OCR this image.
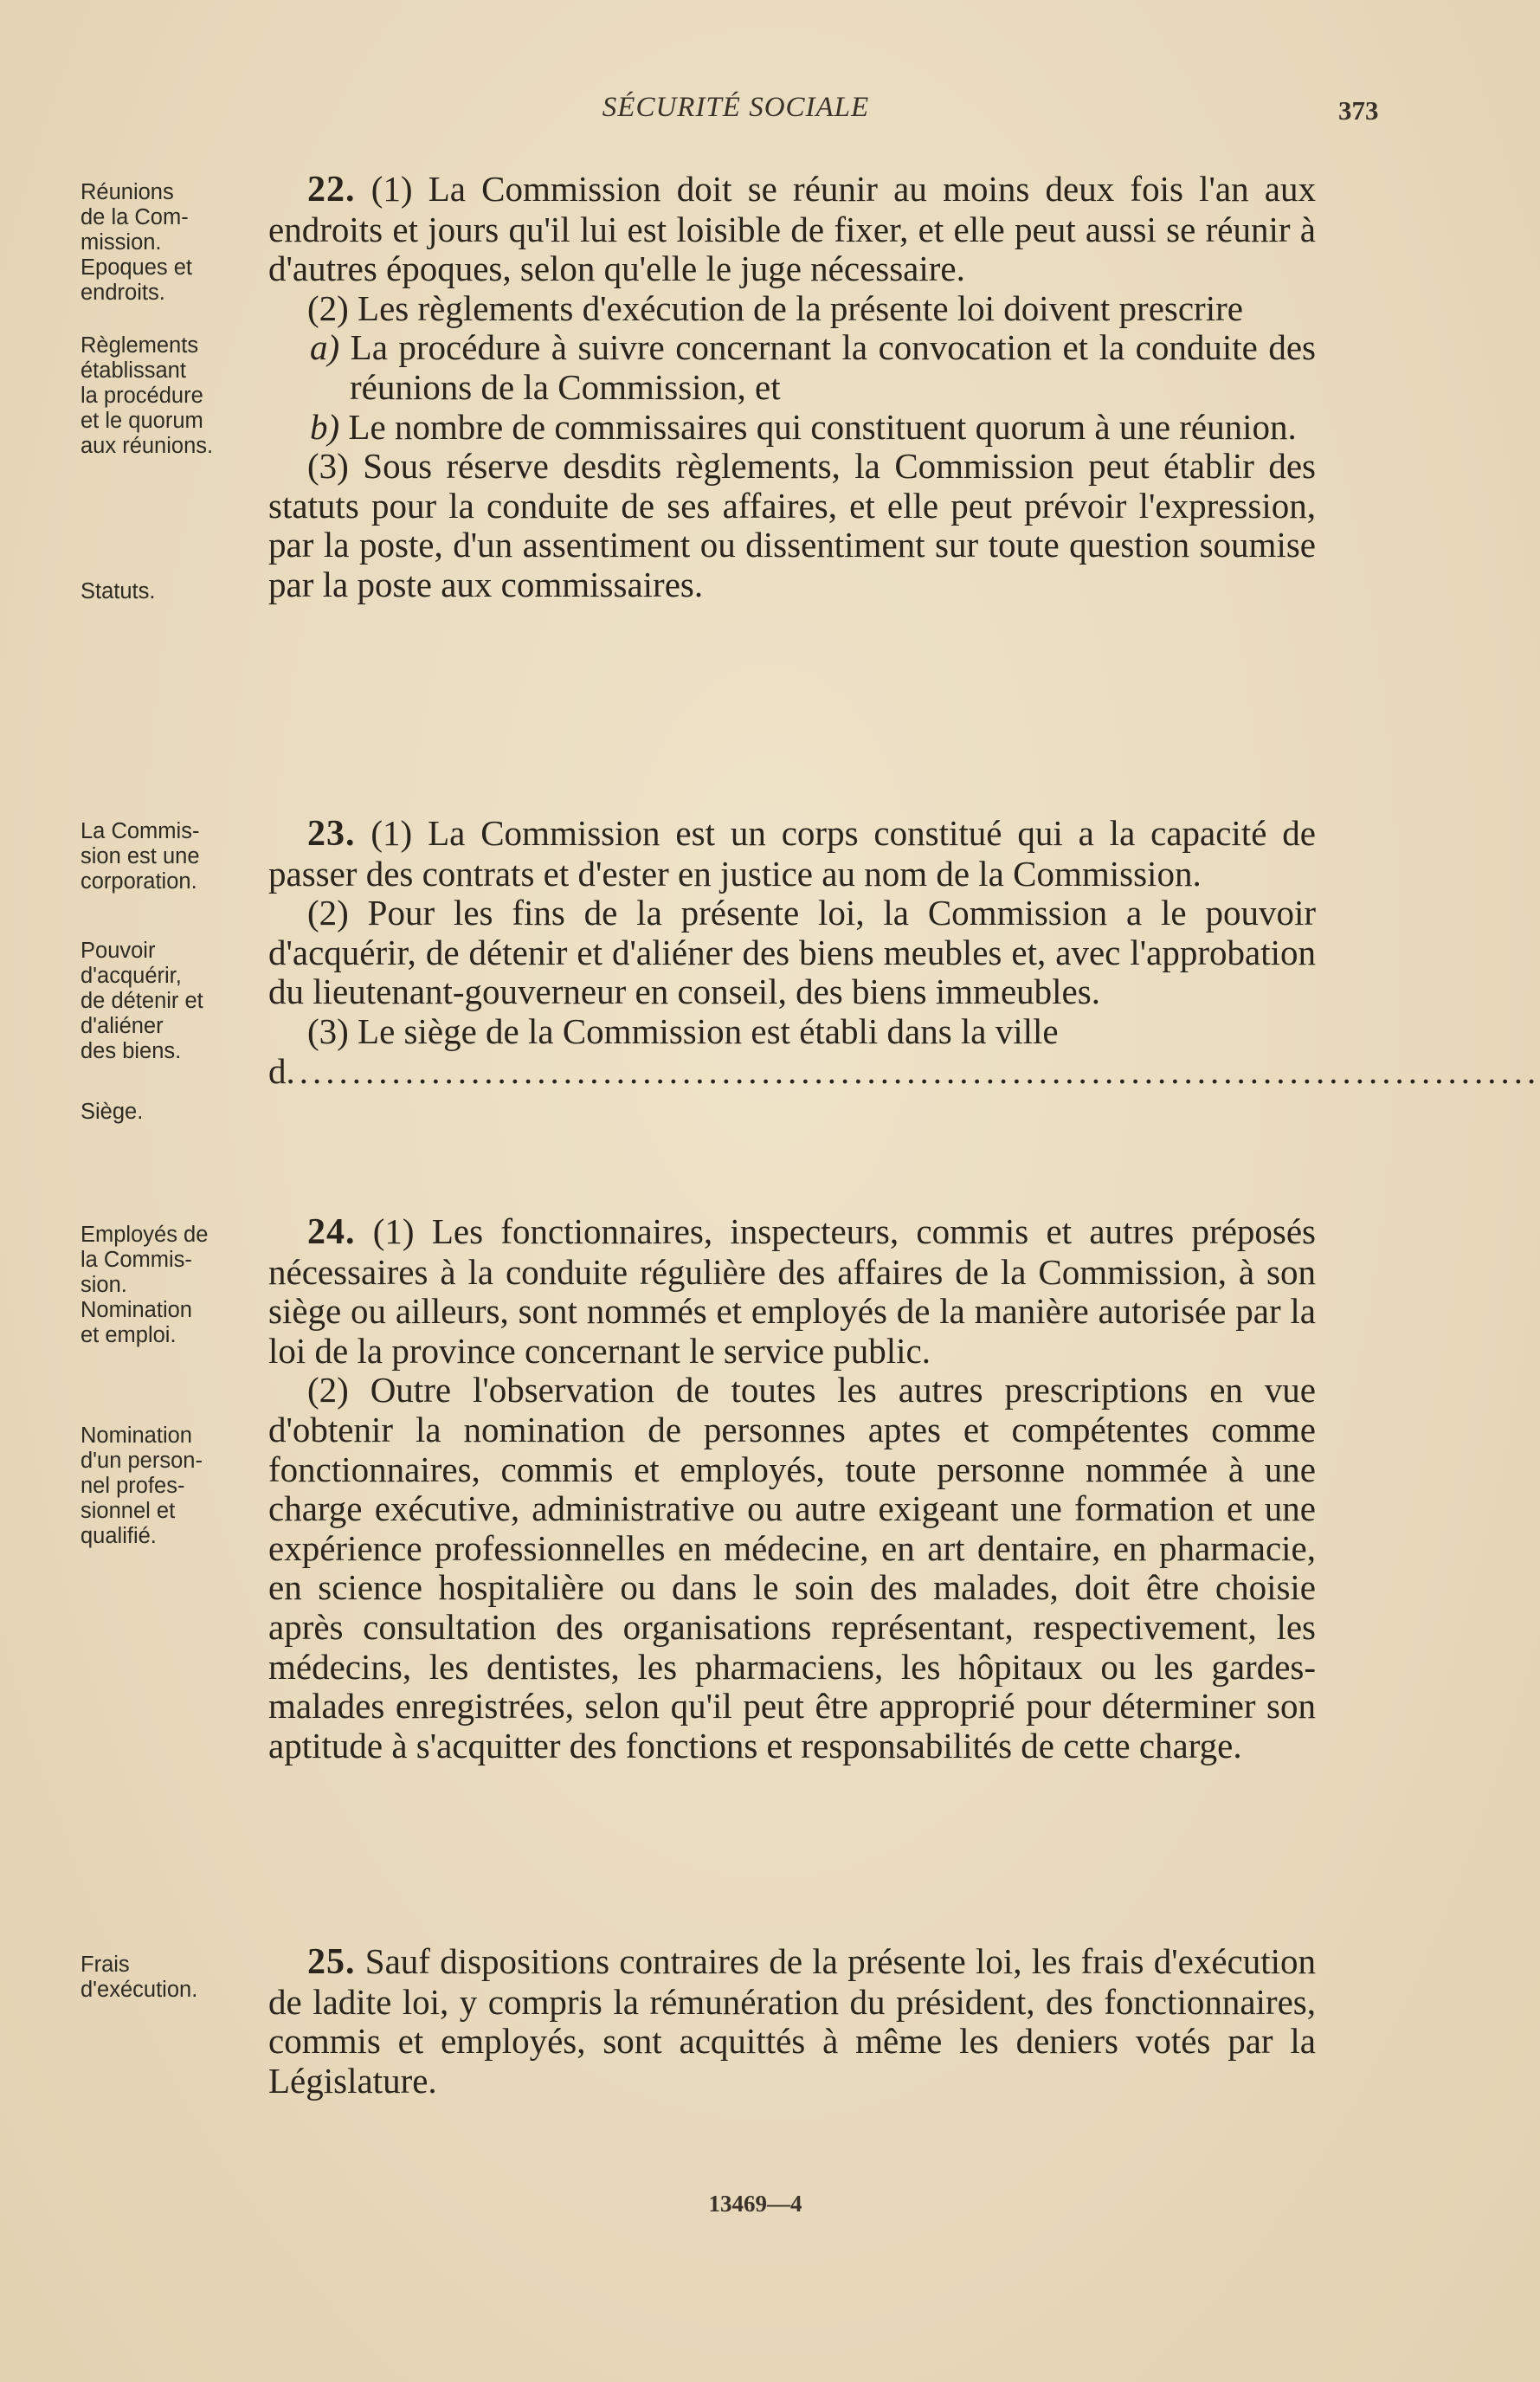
SÉCURITÉ SOCIALE	373
Réunions
de la Com-
mission.
Epoques et
endroits.
Règlements
établissant
la procédure
et le quorum
aux réunions.
Statuts.
La Commis-
sion est une
corporation.
Pouvoir
d'acquérir,
de détenir et
d'aliéner
des biens.
Siège.
Employés de
la Commis-
sion.
Nomination
et emploi.
Nomination
d'un person-
nel profes-
sionnel et
qualifié.
Frais
d'exécution.

22. (1) La Commission doit se réunir au moins deux fois l'an aux endroits et jours qu'il lui est loisible de fixer, et elle peut aussi se réunir à d'autres époques, selon qu'elle le juge nécessaire.

(2) Les règlements d'exécution de la présente loi doivent prescrire

a) La procédure à suivre concernant la convocation et la conduite des réunions de la Commission, et

b) Le nombre de commissaires qui constituent quorum à une réunion.

(3) Sous réserve desdits règlements, la Commission peut établir des statuts pour la conduite de ses affaires, et elle peut prévoir l'expression, par la poste, d'un assentiment ou dissentiment sur toute question soumise par la poste aux commissaires.

23. (1) La Commission est un corps constitué qui a la capacité de passer des contrats et d'ester en justice au nom de la Commission.

(2) Pour les fins de la présente loi, la Commission a le pouvoir d'acquérir, de détenir et d'aliéner des biens meubles et, avec l'approbation du lieutenant-gouverneur en conseil, des biens immeubles.

(3) Le siège de la Commission est établi dans la ville

d ...............................................................................................

24. (1) Les fonctionnaires, inspecteurs, commis et autres préposés nécessaires à la conduite régulière des affaires de la Commission, à son siège ou ailleurs, sont nommés et employés de la manière autorisée par la loi de la province concernant le service public.

(2) Outre l'observation de toutes les autres prescriptions en vue d'obtenir la nomination de personnes aptes et compétentes comme fonctionnaires, commis et employés, toute personne nommée à une charge exécutive, administrative ou autre exigeant une formation et une expérience professionnelles en médecine, en art dentaire, en pharmacie, en science hospitalière ou dans le soin des malades, doit être choisie après consultation des organisations représentant, respectivement, les médecins, les dentistes, les pharmaciens, les hôpitaux ou les gardes-malades enregistrées, selon qu'il peut être approprié pour déterminer son aptitude à s'acquitter des fonctions et responsabilités de cette charge.

25. Sauf dispositions contraires de la présente loi, les frais d'exécution de ladite loi, y compris la rémunération du président, des fonctionnaires, commis et employés, sont acquittés à même les deniers votés par la Législature.

13469—4
